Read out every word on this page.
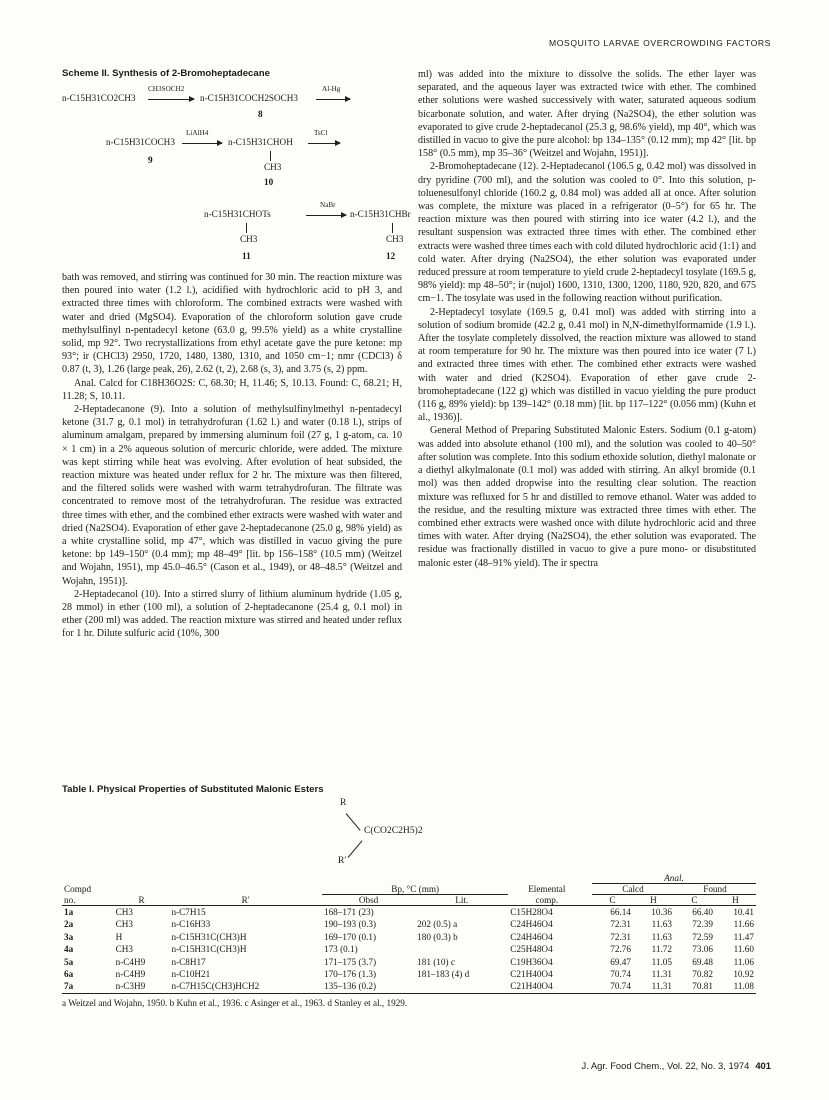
MOSQUITO LARVAE OVERCROWDING FACTORS
Scheme II. Synthesis of 2-Bromoheptadecane
n-C15H31CO2CH3
CH3SOCH2
→ n-C15H31COCH2SOCH3
Al-Hg
8
n-C15H31COCH3
LiAlH4
→ n-C15H31CHOH
TsCl
CH3
9
10
n-C15H31CHOTs
NaBr
→ n-C15H31CHBr
CH3	CH3
11	12

bath was removed, and stirring was continued for 30 min. The reaction mixture was then poured into water (1.2 l.), acidified with hydrochloric acid to pH 3, and extracted three times with chloroform. The combined extracts were washed with water and dried (MgSO4). Evaporation of the chloroform solution gave crude methylsulfinyl n-pentadecyl ketone (63.0 g, 99.5% yield) as a white crystalline solid, mp 92°. Two recrystallizations from ethyl acetate gave the pure ketone: mp 93°; ir (CHCl3) 2950, 1720, 1480, 1380, 1310, and 1050 cm−1; nmr (CDCl3) δ 0.87 (t, 3), 1.26 (large peak, 26), 2.62 (t, 2), 2.68 (s, 3), and 3.75 (s, 2) ppm.

Anal. Calcd for C18H36O2S: C, 68.30; H, 11.46; S, 10.13. Found: C, 68.21; H, 11.28; S, 10.11.

2-Heptadecanone (9). Into a solution of methylsulfinylmethyl n-pentadecyl ketone (31.7 g, 0.1 mol) in tetrahydrofuran (1.62 l.) and water (0.18 l.), strips of aluminum amalgam, prepared by immersing aluminum foil (27 g, 1 g-atom, ca. 10 × 1 cm) in a 2% aqueous solution of mercuric chloride, were added. The mixture was kept stirring while heat was evolving. After evolution of heat subsided, the reaction mixture was heated under reflux for 2 hr. The mixture was then filtered, and the filtered solids were washed with warm tetrahydrofuran. The filtrate was concentrated to remove most of the tetrahydrofuran. The residue was extracted three times with ether, and the combined ether extracts were washed with water and dried (Na2SO4). Evaporation of ether gave 2-heptadecanone (25.0 g, 98% yield) as a white crystalline solid, mp 47°, which was distilled in vacuo giving the pure ketone: bp 149–150° (0.4 mm); mp 48–49° [lit. bp 156–158° (10.5 mm) (Weitzel and Wojahn, 1951), mp 45.0–46.5° (Cason et al., 1949), or 48–48.5° (Weitzel and Wojahn, 1951)].

2-Heptadecanol (10). Into a stirred slurry of lithium aluminum hydride (1.05 g, 28 mmol) in ether (100 ml), a solution of 2-heptadecanone (25.4 g, 0.1 mol) in ether (200 ml) was added. The reaction mixture was stirred and heated under reflux for 1 hr. Dilute sulfuric acid (10%, 300

ml) was added into the mixture to dissolve the solids. The ether layer was separated, and the aqueous layer was extracted twice with ether. The combined ether solutions were washed successively with water, saturated aqueous sodium bicarbonate solution, and water. After drying (Na2SO4), the ether solution was evaporated to give crude 2-heptadecanol (25.3 g, 98.6% yield), mp 40°, which was distilled in vacuo to give the pure alcohol: bp 134–135° (0.12 mm); mp 42° [lit. bp 158° (0.5 mm), mp 35–36° (Weitzel and Wojahn, 1951)].

2-Bromoheptadecane (12). 2-Heptadecanol (106.5 g, 0.42 mol) was dissolved in dry pyridine (700 ml), and the solution was cooled to 0°. Into this solution, p-toluenesulfonyl chloride (160.2 g, 0.84 mol) was added all at once. After solution was complete, the mixture was placed in a refrigerator (0–5°) for 65 hr. The reaction mixture was then poured with stirring into ice water (4.2 l.), and the resultant suspension was extracted three times with ether. The combined ether extracts were washed three times each with cold diluted hydrochloric acid (1:1) and cold water. After drying (Na2SO4), the ether solution was evaporated under reduced pressure at room temperature to yield crude 2-heptadecyl tosylate (169.5 g, 98% yield): mp 48–50°; ir (nujol) 1600, 1310, 1300, 1200, 1180, 920, 820, and 675 cm−1. The tosylate was used in the following reaction without purification.

2-Heptadecyl tosylate (169.5 g, 0.41 mol) was added with stirring into a solution of sodium bromide (42.2 g, 0.41 mol) in N,N-dimethylformamide (1.9 l.). After the tosylate completely dissolved, the reaction mixture was allowed to stand at room temperature for 90 hr. The mixture was then poured into ice water (7 l.) and extracted three times with ether. The combined ether extracts were washed with water and dried (K2SO4). Evaporation of ether gave crude 2-bromoheptadecane (122 g) which was distilled in vacuo yielding the pure product (116 g, 89% yield): bp 139–142° (0.18 mm) [lit. bp 117–122° (0.056 mm) (Kuhn et al., 1936)].

General Method of Preparing Substituted Malonic Esters. Sodium (0.1 g-atom) was added into absolute ethanol (100 ml), and the solution was cooled to 40–50° after solution was complete. Into this sodium ethoxide solution, diethyl malonate or a diethyl alkylmalonate (0.1 mol) was added with stirring. An alkyl bromide (0.1 mol) was then added dropwise into the resulting clear solution. The reaction mixture was refluxed for 5 hr and distilled to remove ethanol. Water was added to the residue, and the resulting mixture was extracted three times with ether. The combined ether extracts were washed once with dilute hydrochloric acid and three times with water. After drying (Na2SO4), the ether solution was evaporated. The residue was fractionally distilled in vacuo to give a pure mono- or disubstituted malonic ester (48–91% yield). The ir spectra

Table I. Physical Properties of Substituted Malonic Esters
R
C(CO2C2H5)2
R′
							Anal.			
Compd			Bp, °C (mm)		Elemental		Calcd		Found	
no.	R	R′	Obsd	Lit.	comp.		C	H	C	H
1a	CH3	n-C7H15	168–171 (23)		C15H28O4		66.14	10.36	66.40	10.41
2a	CH3	n-C16H33	190–193 (0.3)	202 (0.5) a	C24H46O4		72.31	11.63	72.39	11.66
3a	H	n-C15H31C(CH3)H	169–170 (0.1)	180 (0.3) b	C24H46O4		72.31	11.63	72.59	11.47
4a	CH3	n-C15H31C(CH3)H	173 (0.1)		C25H48O4		72.76	11.72	73.06	11.60
5a	n-C4H9	n-C8H17	171–175 (3.7)	181 (10) c	C19H36O4		69.47	11.05	69.48	11.06
6a	n-C4H9	n-C10H21	170–176 (1.3)	181–183 (4) d	C21H40O4		70.74	11.31	70.82	10.92
7a	n-C3H9	n-C7H15C(CH3)HCH2	135–136 (0.2)		C21H40O4		70.74	11.31	70.81	11.08
a Weitzel and Wojahn, 1950. b Kuhn et al., 1936. c Asinger et al., 1963. d Stanley et al., 1929.
J. Agr. Food Chem., Vol. 22, No. 3, 1974 401
